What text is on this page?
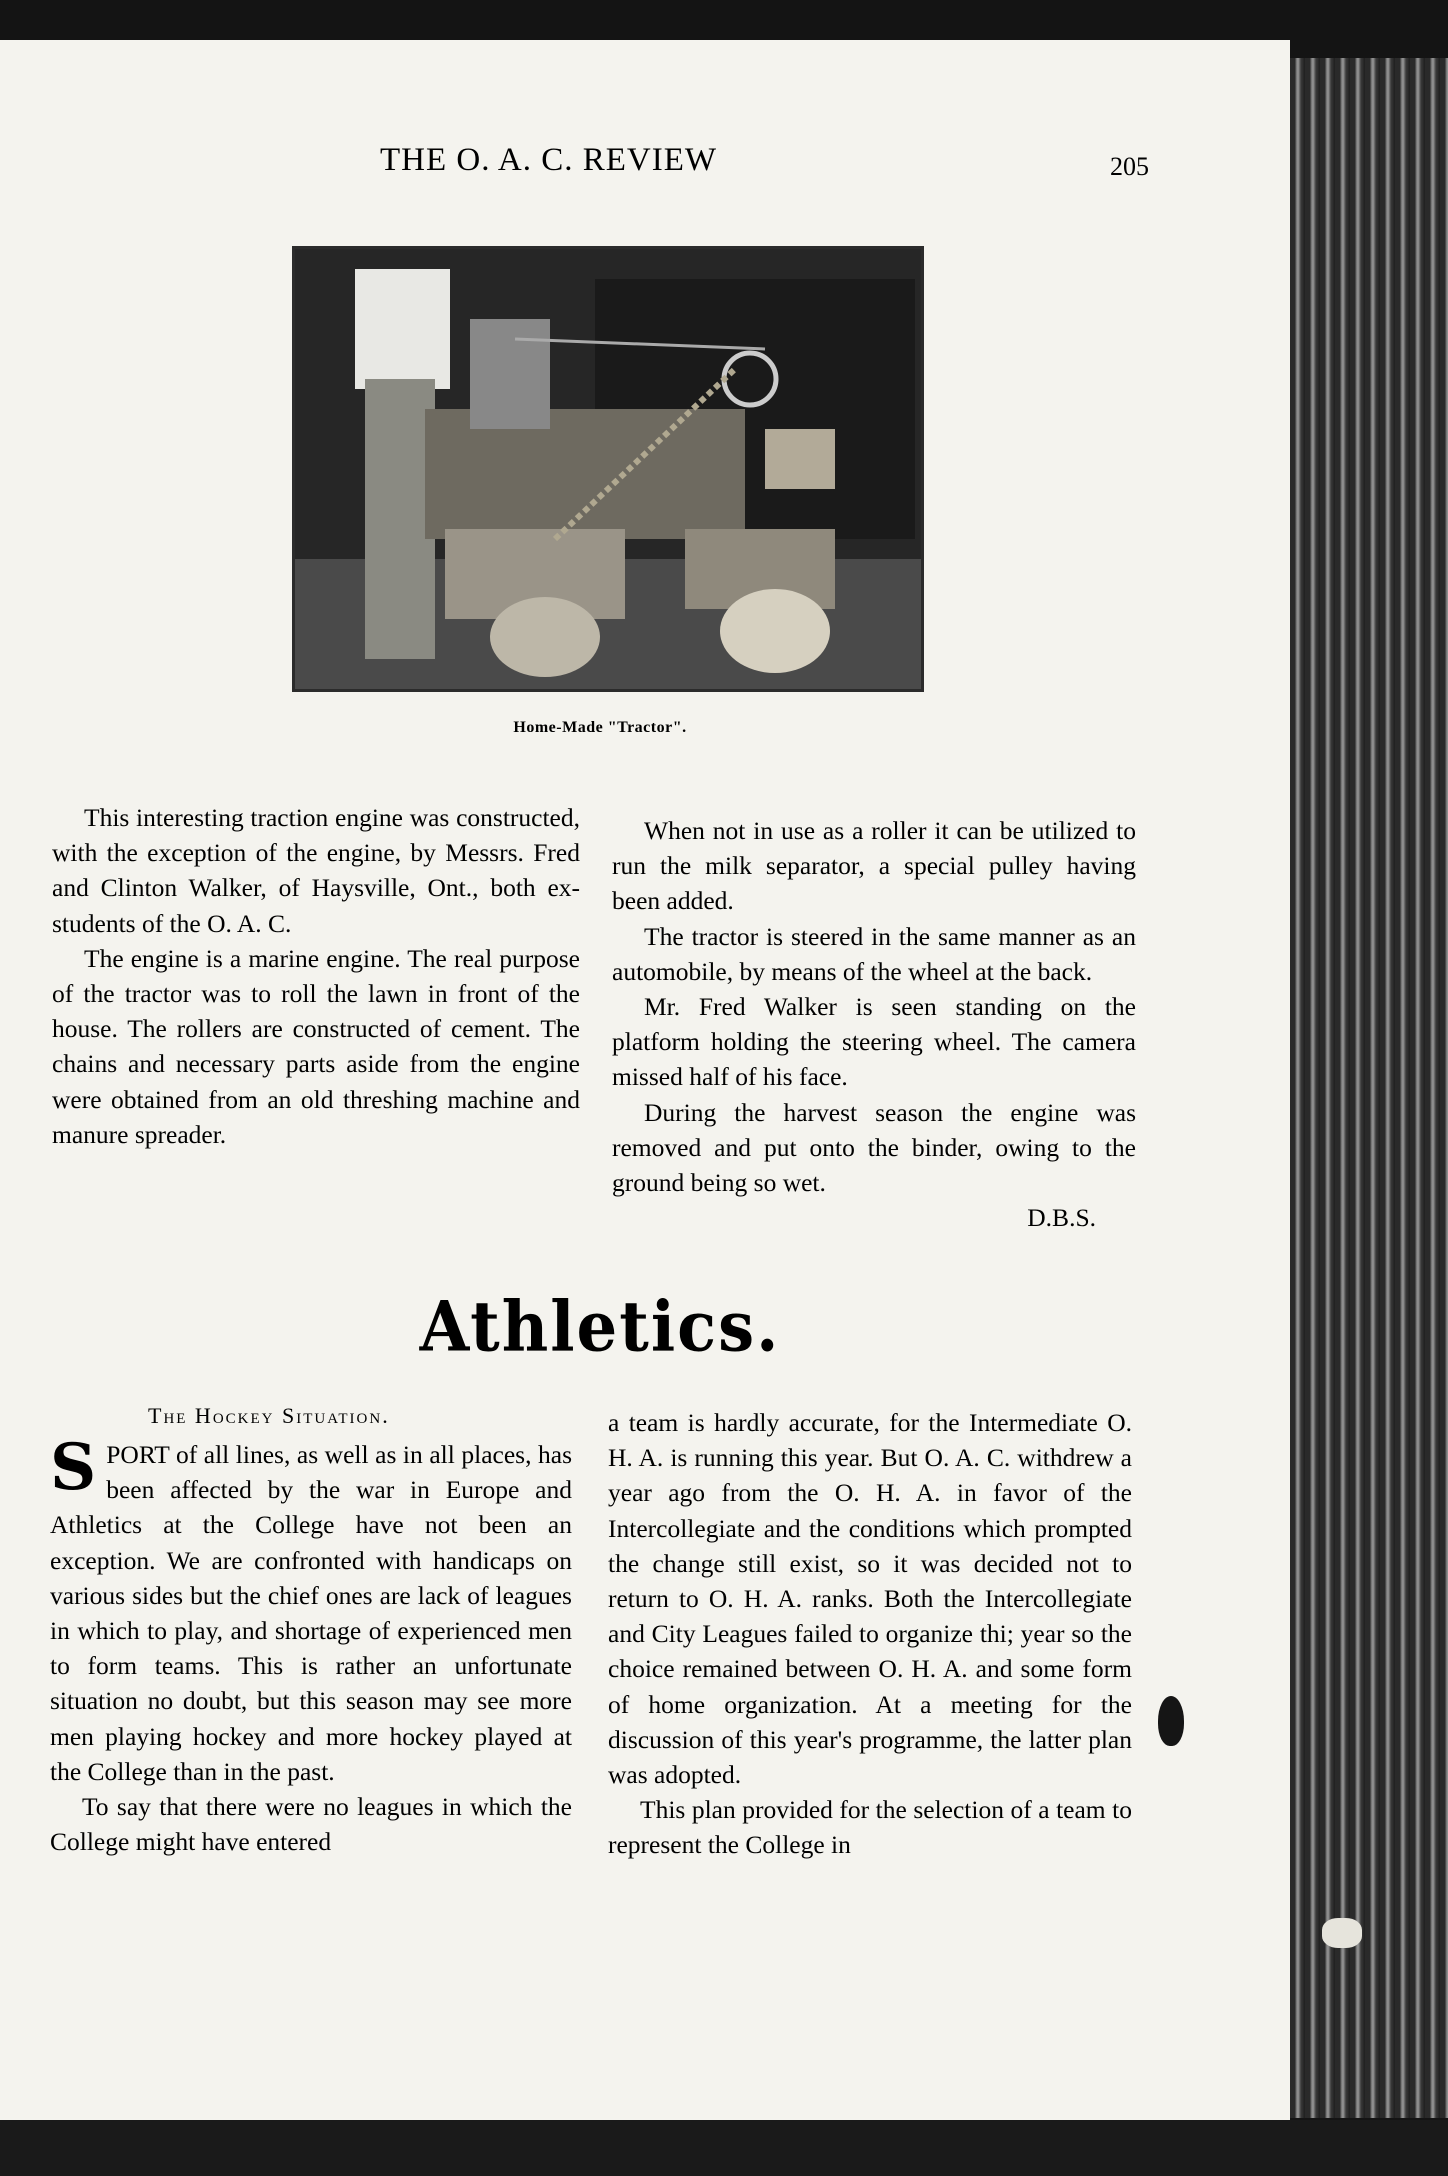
THE O. A. C. REVIEW	205
Home-Made "Tractor".

This interesting traction engine was constructed, with the exception of the engine, by Messrs. Fred and Clinton Walker, of Haysville, Ont., both ex-students of the O. A. C.

The engine is a marine engine. The real purpose of the tractor was to roll the lawn in front of the house. The rollers are constructed of cement. The chains and necessary parts aside from the engine were obtained from an old threshing machine and manure spreader.

When not in use as a roller it can be utilized to run the milk separator, a special pulley having been added.

The tractor is steered in the same manner as an automobile, by means of the wheel at the back.

Mr. Fred Walker is seen standing on the platform holding the steering wheel. The camera missed half of his face.

During the harvest season the engine was removed and put onto the binder, owing to the ground being so wet.

D.B.S.
Athletics.
The Hockey Situation.

SPORT of all lines, as well as in all places, has been affected by the war in Europe and Athletics at the College have not been an exception. We are confronted with handicaps on various sides but the chief ones are lack of leagues in which to play, and shortage of experienced men to form teams. This is rather an unfortunate situation no doubt, but this season may see more men playing hockey and more hockey played at the College than in the past.

To say that there were no leagues in which the College might have entered

a team is hardly accurate, for the Intermediate O. H. A. is running this year. But O. A. C. withdrew a year ago from the O. H. A. in favor of the Intercollegiate and the conditions which prompted the change still exist, so it was decided not to return to O. H. A. ranks. Both the Intercollegiate and City Leagues failed to organize thi; year so the choice remained between O. H. A. and some form of home organization. At a meeting for the discussion of this year's programme, the latter plan was adopted.

This plan provided for the selection of a team to represent the College in
